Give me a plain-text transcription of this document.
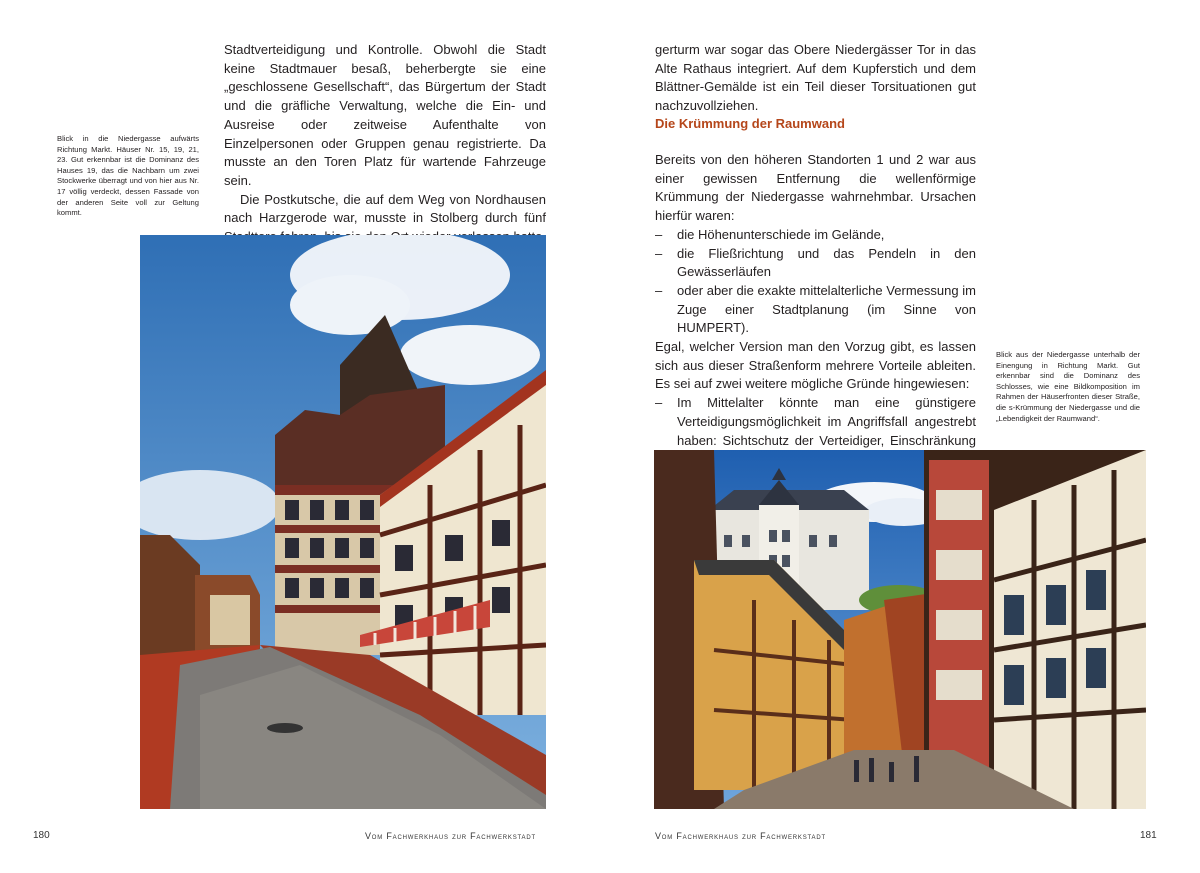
Blick in die Niedergasse aufwärts Richtung Markt. Häuser Nr. 15, 19, 21, 23. Gut erkennbar ist die Dominanz des Hauses 19, das die Nachbarn um zwei Stockwerke überragt und von hier aus Nr. 17 völlig verdeckt, dessen Fassade von der anderen Seite voll zur Geltung kommt.

Stadtverteidigung und Kontrolle. Obwohl die Stadt keine Stadtmauer besaß, beherbergte sie eine „geschlossene Gesellschaft“, das Bürgertum der Stadt und die gräfliche Verwaltung, welche die Ein- und Ausreise oder zeitweise Aufenthalte von Einzelpersonen oder Gruppen genau registrierte. Da musste an den Toren Platz für wartende Fahrzeuge sein.

Die Postkutsche, die auf dem Weg von Nordhausen nach Harzgerode war, musste in Stolberg durch fünf

180	Vom Fachwerkhaus zur Fachwerkstadt

gerturm war sogar das Obere Niedergässer Tor in das Alte Rathaus integriert. Auf dem Kupferstich und dem Blättner-Gemälde ist ein Teil dieser Torsituationen gut nachzuvollziehen.

Die Krümmung der Raumwand

Bereits von den höheren Standorten 1 und 2 war aus einer gewissen Entfernung die wellenförmige Krümmung der Niedergasse wahrnehmbar. Ursachen hierfür waren:

– die Höhenunterschiede im Gelände,
– die Fließrichtung und das Pendeln in den Gewässerläufen
– oder aber die exakte mittelalterliche Vermessung im Zuge einer Stadtplanung (im Sinne von HUMPERT).

Egal, welcher Version man den Vorzug gibt, es lassen sich aus dieser Straßenform mehrere Vorteile ableiten. Es sei auf zwei weitere mögliche Gründe hingewiesen:

– Im Mittelalter könnte man eine günstigere Verteidigungsmöglichkeit im Angriffsfall angestrebt haben: Sichtschutz der Verteidiger, Einschränkung
–
Blick aus der Niedergasse unterhalb der Einengung in Richtung Markt. Gut erkennbar sind die Dominanz des Schlosses, wie eine Bildkomposition im Rahmen der Häuserfronten dieser Straße, die s-Krümmung der Niedergasse und die „Lebendigkeit der Raumwand“.
Vom Fachwerkhaus zur Fachwerkstadt	181
